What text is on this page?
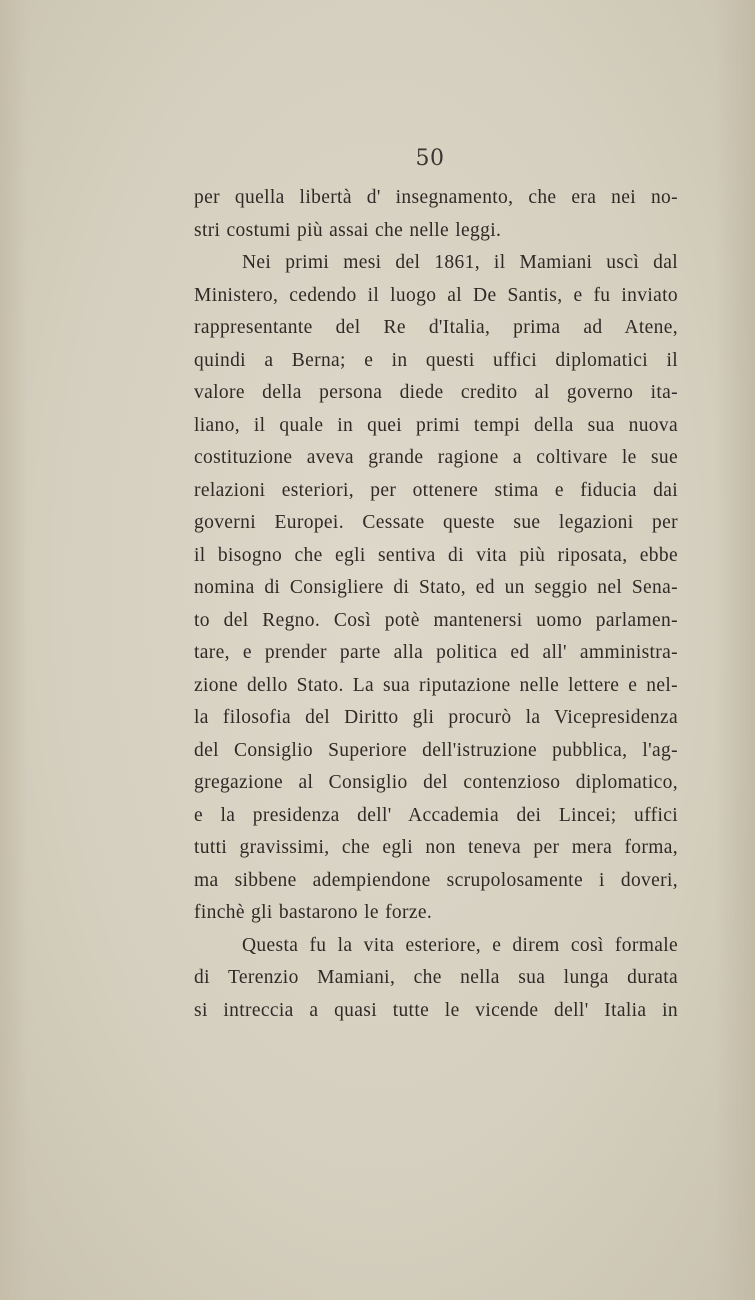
50
per quella libertà d' insegnamento, che era nei no-
stri costumi più assai che nelle leggi.
Nei primi mesi del 1861, il Mamiani uscì dal
Ministero, cedendo il luogo al De Santis, e fu inviato
rappresentante del Re d'Italia, prima ad Atene,
quindi a Berna; e in questi uffici diplomatici il
valore della persona diede credito al governo ita-
liano, il quale in quei primi tempi della sua nuova
costituzione aveva grande ragione a coltivare le sue
relazioni esteriori, per ottenere stima e fiducia dai
governi Europei. Cessate queste sue legazioni per
il bisogno che egli sentiva di vita più riposata, ebbe
nomina di Consigliere di Stato, ed un seggio nel Sena-
to del Regno. Così potè mantenersi uomo parlamen-
tare, e prender parte alla politica ed all' amministra-
zione dello Stato. La sua riputazione nelle lettere e nel-
la filosofia del Diritto gli procurò la Vicepresidenza
del Consiglio Superiore dell'istruzione pubblica, l'ag-
gregazione al Consiglio del contenzioso diplomatico,
e la presidenza dell' Accademia dei Lincei; uffici
tutti gravissimi, che egli non teneva per mera forma,
ma sibbene adempiendone scrupolosamente i doveri,
finchè gli bastarono le forze.
Questa fu la vita esteriore, e direm così formale
di Terenzio Mamiani, che nella sua lunga durata
si intreccia a quasi tutte le vicende dell' Italia in
